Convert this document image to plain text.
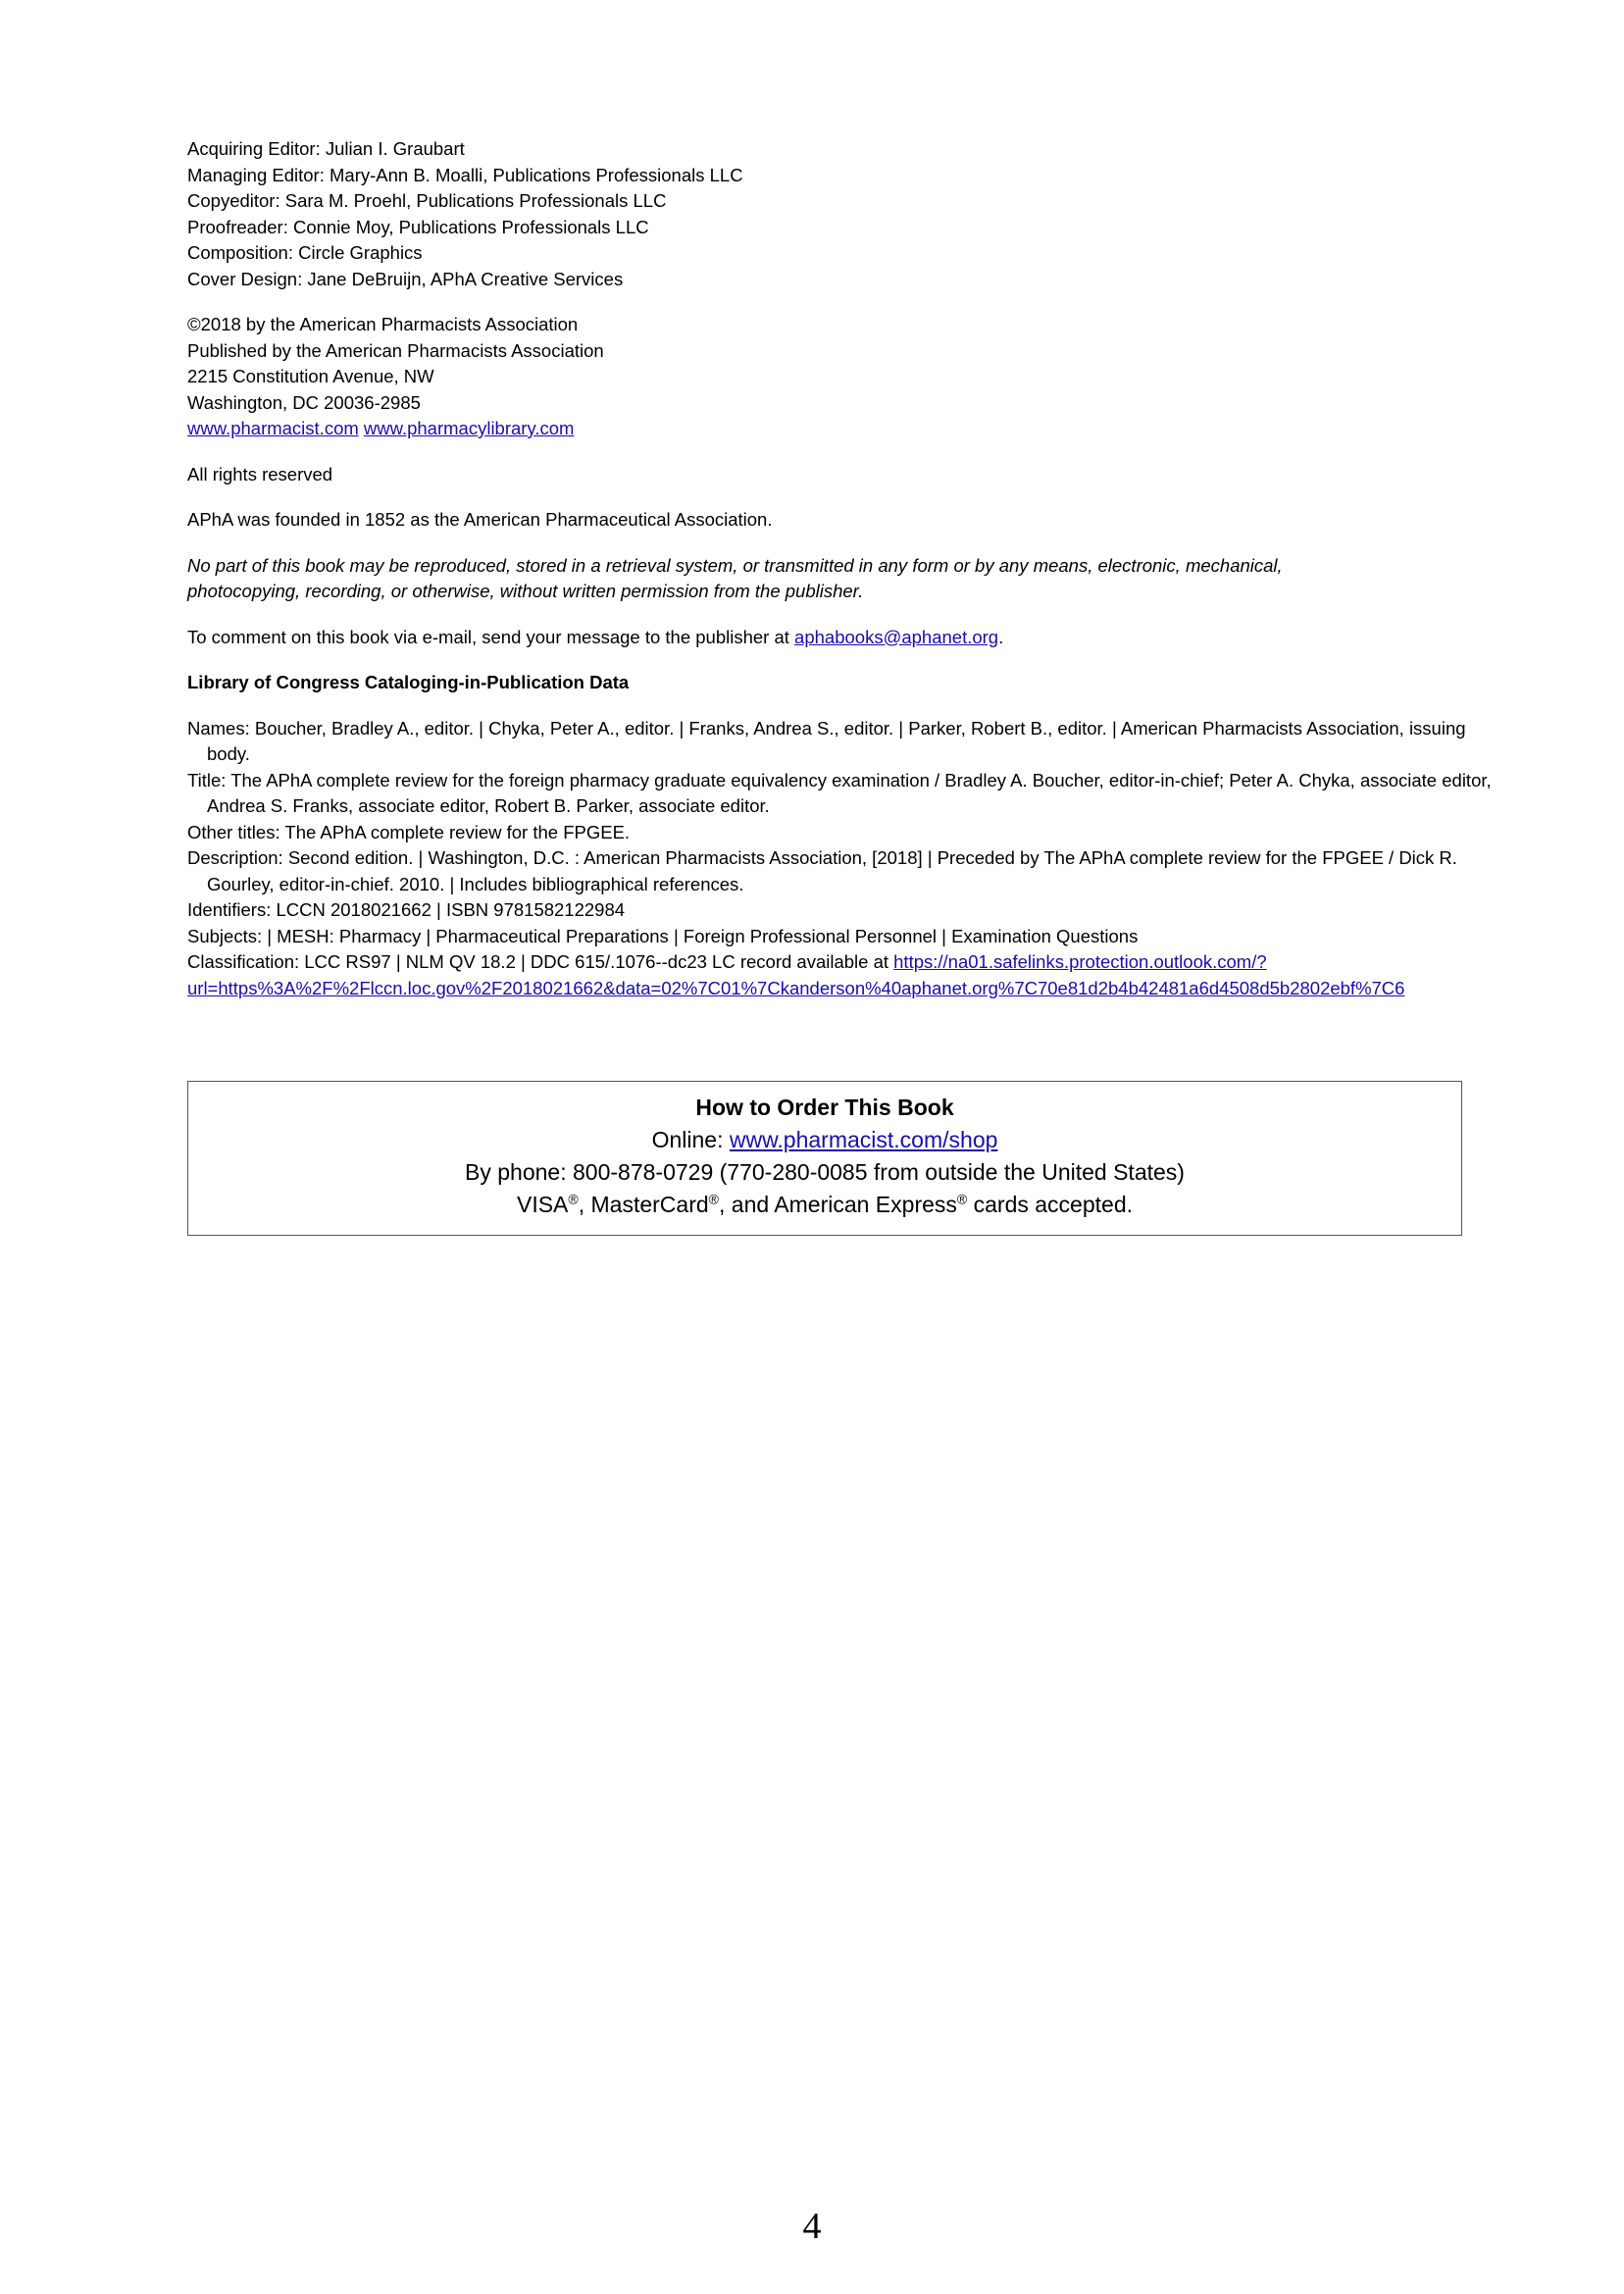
Acquiring Editor: Julian I. Graubart
Managing Editor: Mary-Ann B. Moalli, Publications Professionals LLC
Copyeditor: Sara M. Proehl, Publications Professionals LLC
Proofreader: Connie Moy, Publications Professionals LLC
Composition: Circle Graphics
Cover Design: Jane DeBruijn, APhA Creative Services
©2018 by the American Pharmacists Association
Published by the American Pharmacists Association
2215 Constitution Avenue, NW
Washington, DC 20036-2985
www.pharmacist.com www.pharmacylibrary.com
All rights reserved
APhA was founded in 1852 as the American Pharmaceutical Association.
No part of this book may be reproduced, stored in a retrieval system, or transmitted in any form or by any means, electronic, mechanical,
photocopying, recording, or otherwise, without written permission from the publisher.
To comment on this book via e-mail, send your message to the publisher at aphabooks@aphanet.org.
Library of Congress Cataloging-in-Publication Data
Names: Boucher, Bradley A., editor. | Chyka, Peter A., editor. | Franks, Andrea S., editor. | Parker, Robert B., editor. | American Pharmacists Association, issuing body.
Title: The APhA complete review for the foreign pharmacy graduate equivalency examination / Bradley A. Boucher, editor-in-chief; Peter A. Chyka, associate editor, Andrea S. Franks, associate editor, Robert B. Parker, associate editor.
Other titles: The APhA complete review for the FPGEE.
Description: Second edition. | Washington, D.C. : American Pharmacists Association, [2018] | Preceded by The APhA complete review for the FPGEE / Dick R. Gourley, editor-in-chief. 2010. | Includes bibliographical references.
Identifiers: LCCN 2018021662 | ISBN 9781582122984
Subjects: | MESH: Pharmacy | Pharmaceutical Preparations | Foreign Professional Personnel | Examination Questions
Classification: LCC RS97 | NLM QV 18.2 | DDC 615/.1076--dc23 LC record available at https://na01.safelinks.protection.outlook.com/?
url=https%3A%2F%2Flccn.loc.gov%2F2018021662&data=02%7C01%7Ckanderson%40aphanet.org%7C70e81d2b4b42481a6d4508d5b2802ebf%7C6
How to Order This Book
Online: www.pharmacist.com/shop
By phone: 800-878-0729 (770-280-0085 from outside the United States)
VISA®, MasterCard®, and American Express® cards accepted.
4
